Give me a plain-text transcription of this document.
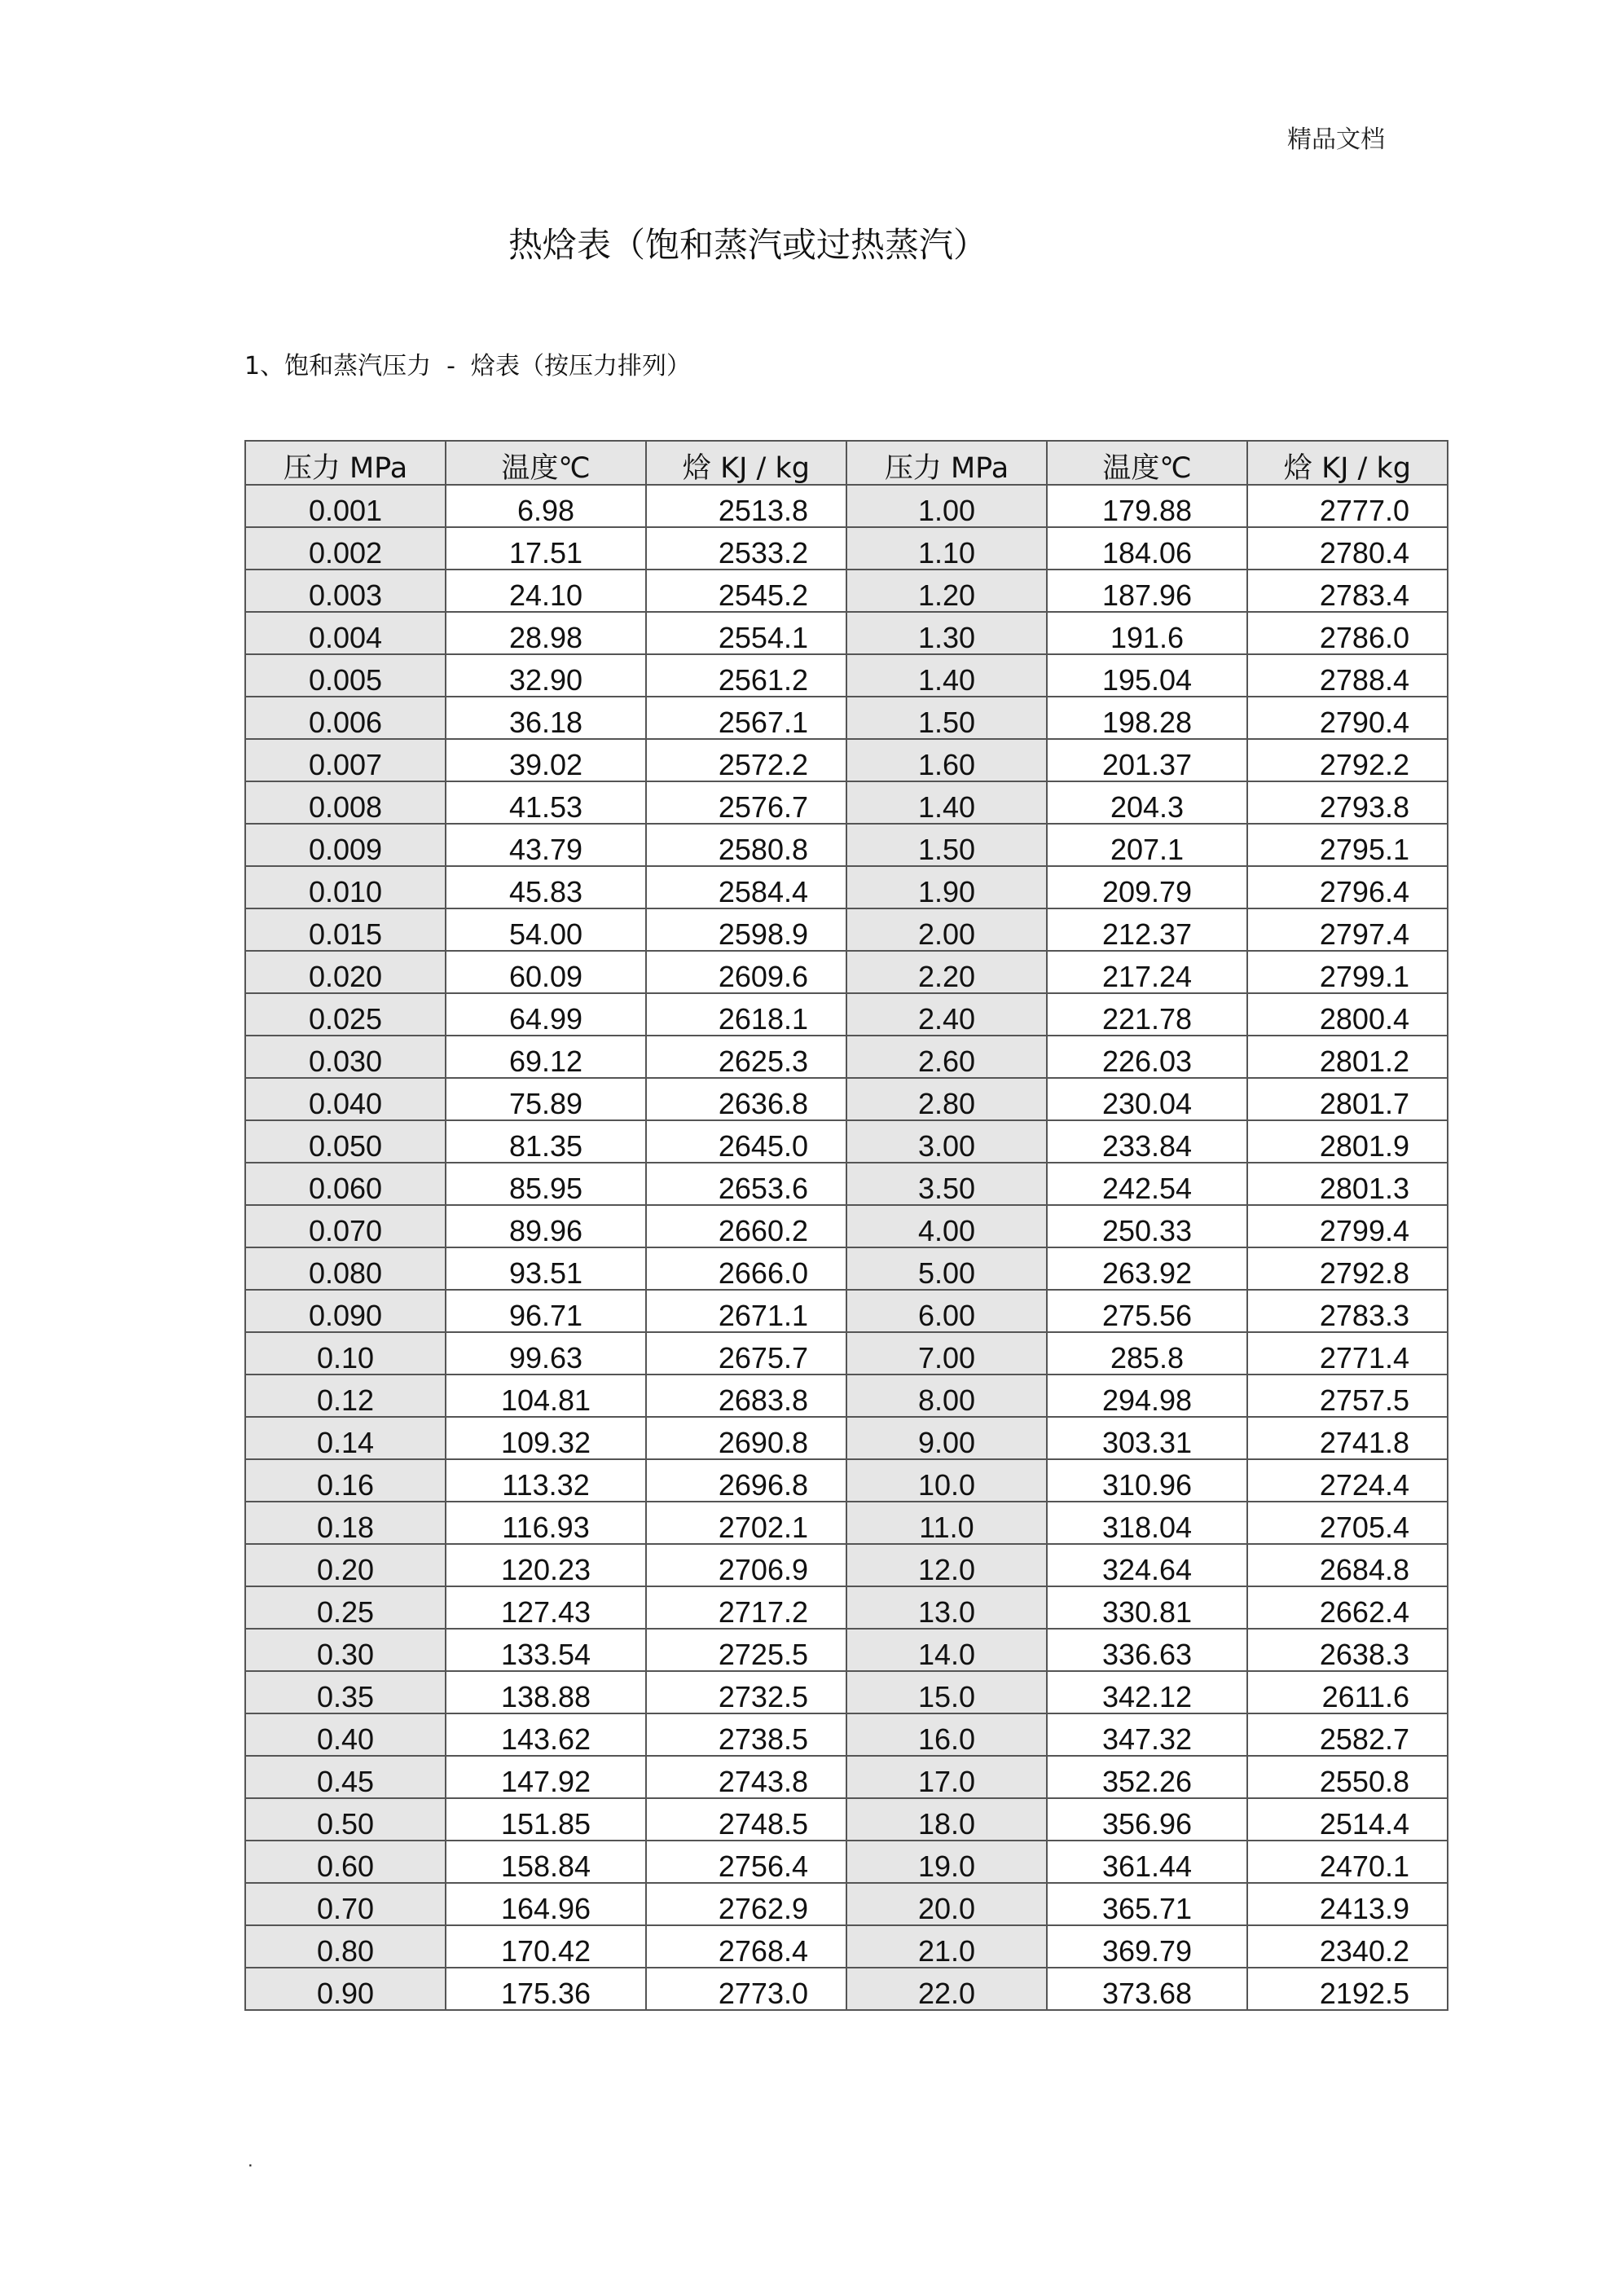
精品文档
热焓表（饱和蒸汽或过热蒸汽）
1、饱和蒸汽压力  -  焓表（按压力排列）
压力 MPa	温度℃	焓 KJ / kg	压力 MPa	温度℃	焓 KJ / kg
0.001	6.98	2513.8	1.00	179.88	2777.0
0.002	17.51	2533.2	1.10	184.06	2780.4
0.003	24.10	2545.2	1.20	187.96	2783.4
0.004	28.98	2554.1	1.30	191.6	2786.0
0.005	32.90	2561.2	1.40	195.04	2788.4
0.006	36.18	2567.1	1.50	198.28	2790.4
0.007	39.02	2572.2	1.60	201.37	2792.2
0.008	41.53	2576.7	1.40	204.3	2793.8
0.009	43.79	2580.8	1.50	207.1	2795.1
0.010	45.83	2584.4	1.90	209.79	2796.4
0.015	54.00	2598.9	2.00	212.37	2797.4
0.020	60.09	2609.6	2.20	217.24	2799.1
0.025	64.99	2618.1	2.40	221.78	2800.4
0.030	69.12	2625.3	2.60	226.03	2801.2
0.040	75.89	2636.8	2.80	230.04	2801.7
0.050	81.35	2645.0	3.00	233.84	2801.9
0.060	85.95	2653.6	3.50	242.54	2801.3
0.070	89.96	2660.2	4.00	250.33	2799.4
0.080	93.51	2666.0	5.00	263.92	2792.8
0.090	96.71	2671.1	6.00	275.56	2783.3
0.10	99.63	2675.7	7.00	285.8	2771.4
0.12	104.81	2683.8	8.00	294.98	2757.5
0.14	109.32	2690.8	9.00	303.31	2741.8
0.16	113.32	2696.8	10.0	310.96	2724.4
0.18	116.93	2702.1	11.0	318.04	2705.4
0.20	120.23	2706.9	12.0	324.64	2684.8
0.25	127.43	2717.2	13.0	330.81	2662.4
0.30	133.54	2725.5	14.0	336.63	2638.3
0.35	138.88	2732.5	15.0	342.12	2611.6
0.40	143.62	2738.5	16.0	347.32	2582.7
0.45	147.92	2743.8	17.0	352.26	2550.8
0.50	151.85	2748.5	18.0	356.96	2514.4
0.60	158.84	2756.4	19.0	361.44	2470.1
0.70	164.96	2762.9	20.0	365.71	2413.9
0.80	170.42	2768.4	21.0	369.79	2340.2
0.90	175.36	2773.0	22.0	373.68	2192.5
.
